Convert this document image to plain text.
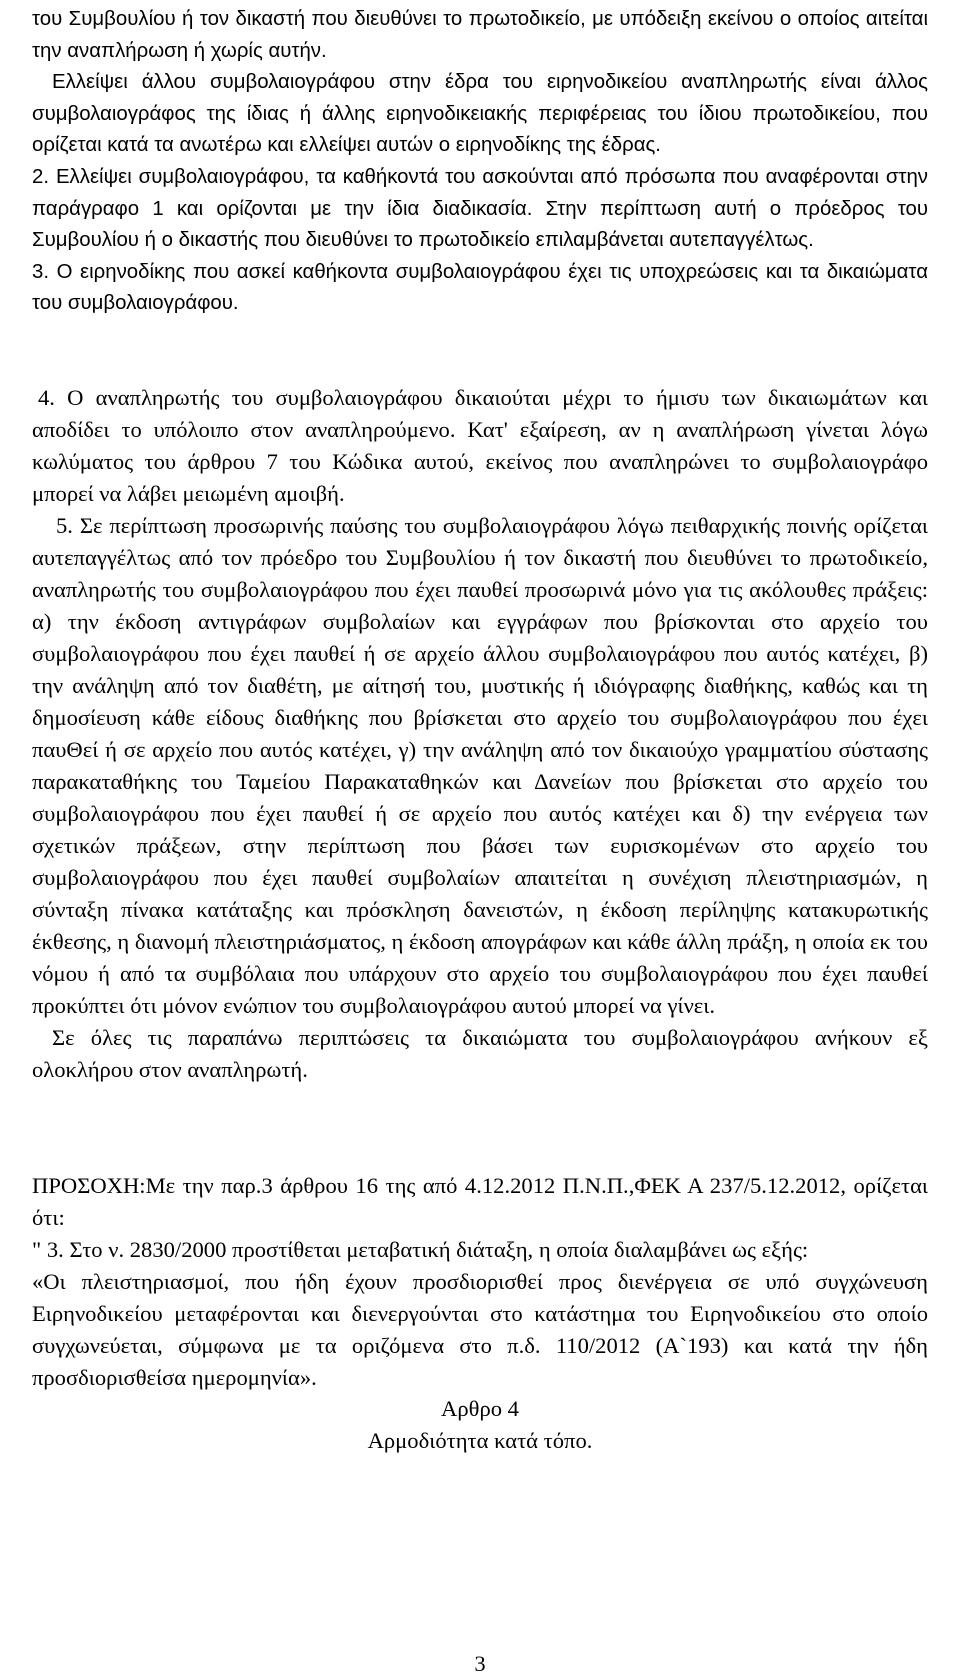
του Συμβουλίου ή τον δικαστή που διευθύνει το πρωτοδικείο, με υπόδειξη εκείνου ο οποίος αιτείται την αναπλήρωση ή χωρίς αυτήν.

Ελλείψει άλλου συμβολαιογράφου στην έδρα του ειρηνοδικείου αναπληρωτής είναι άλλος συμβολαιογράφος της ίδιας ή άλλης ειρηνοδικειακής περιφέρειας του ίδιου πρωτοδικείου, που ορίζεται κατά τα ανωτέρω και ελλείψει αυτών ο ειρηνοδίκης της έδρας.

2. Ελλείψει συμβολαιογράφου, τα καθήκοντά του ασκούνται από πρόσωπα που αναφέρονται στην παράγραφο 1 και ορίζονται με την ίδια διαδικασία. Στην περίπτωση αυτή ο πρόεδρος του Συμβουλίου ή ο δικαστής που διευθύνει το πρωτοδικείο επιλαμβάνεται αυτεπαγγέλτως.

3. Ο ειρηνοδίκης που ασκεί καθήκοντα συμβολαιογράφου έχει τις υποχρεώσεις και τα δικαιώματα του συμβολαιογράφου.

4. Ο αναπληρωτής του συμβολαιογράφου δικαιούται μέχρι το ήμισυ των δικαιωμάτων και αποδίδει το υπόλοιπο στον αναπληρούμενο. Κατ' εξαίρεση, αν η αναπλήρωση γίνεται λόγω κωλύματος του άρθρου 7 του Κώδικα αυτού, εκείνος που αναπληρώνει το συμβολαιογράφο μπορεί να λάβει μειωμένη αμοιβή.

5. Σε περίπτωση προσωρινής παύσης του συμβολαιογράφου λόγω πειθαρχικής ποινής ορίζεται αυτεπαγγέλτως από τον πρόεδρο του Συμβουλίου ή τον δικαστή που διευθύνει το πρωτοδικείο, αναπληρωτής του συμβολαιογράφου που έχει παυθεί προσωρινά μόνο για τις ακόλουθες πράξεις: α) την έκδοση αντιγράφων συμβολαίων και εγγράφων που βρίσκονται στο αρχείο του συμβολαιογράφου που έχει παυθεί ή σε αρχείο άλλου συμβολαιογράφου που αυτός κατέχει, β) την ανάληψη από τον διαθέτη, με αίτησή του, μυστικής ή ιδιόγραφης διαθήκης, καθώς και τη δημοσίευση κάθε είδους διαθήκης που βρίσκεται στο αρχείο του συμβολαιογράφου που έχει παυΘεί ή σε αρχείο που αυτός κατέχει, γ) την ανάληψη από τον δικαιούχο γραμματίου σύστασης παρακαταθήκης του Ταμείου Παρακαταθηκών και Δανείων που βρίσκεται στο αρχείο του συμβολαιογράφου που έχει παυθεί ή σε αρχείο που αυτός κατέχει και δ) την ενέργεια των σχετικών πράξεων, στην περίπτωση που βάσει των ευρισκομένων στο αρχείο του συμβολαιογράφου που έχει παυθεί συμβολαίων απαιτείται η συνέχιση πλειστηριασμών, η σύνταξη πίνακα κατάταξης και πρόσκληση δανειστών, η έκδοση περίληψης κατακυρωτικής έκθεσης, η διανομή πλειστηριάσματος, η έκδοση απογράφων και κάθε άλλη πράξη, η οποία εκ του νόμου ή από τα συμβόλαια που υπάρχουν στο αρχείο του συμβολαιογράφου που έχει παυθεί προκύπτει ότι μόνον ενώπιον του συμβολαιογράφου αυτού μπορεί να γίνει.

Σε όλες τις παραπάνω περιπτώσεις τα δικαιώματα του συμβολαιογράφου ανήκουν εξ ολοκλήρου στον αναπληρωτή.

ΠΡΟΣΟΧΗ:Με την παρ.3 άρθρου 16 της από 4.12.2012 Π.Ν.Π.,ΦΕΚ Α 237/5.12.2012, ορίζεται ότι:

" 3. Στο ν. 2830/2000 προστίθεται μεταβατική διάταξη, η οποία διαλαμβάνει ως εξής:

«Οι πλειστηριασμοί, που ήδη έχουν προσδιορισθεί προς διενέργεια σε υπό συγχώνευση Ειρηνοδικείου μεταφέρονται και διενεργούνται στο κατάστημα του Ειρηνοδικείου στο οποίο συγχωνεύεται, σύμφωνα με τα οριζόμενα στο π.δ. 110/2012 (Α`193) και κατά την ήδη προσδιορισθείσα ημερομηνία».

Αρθρο 4

Αρμοδιότητα κατά τόπο.

3
